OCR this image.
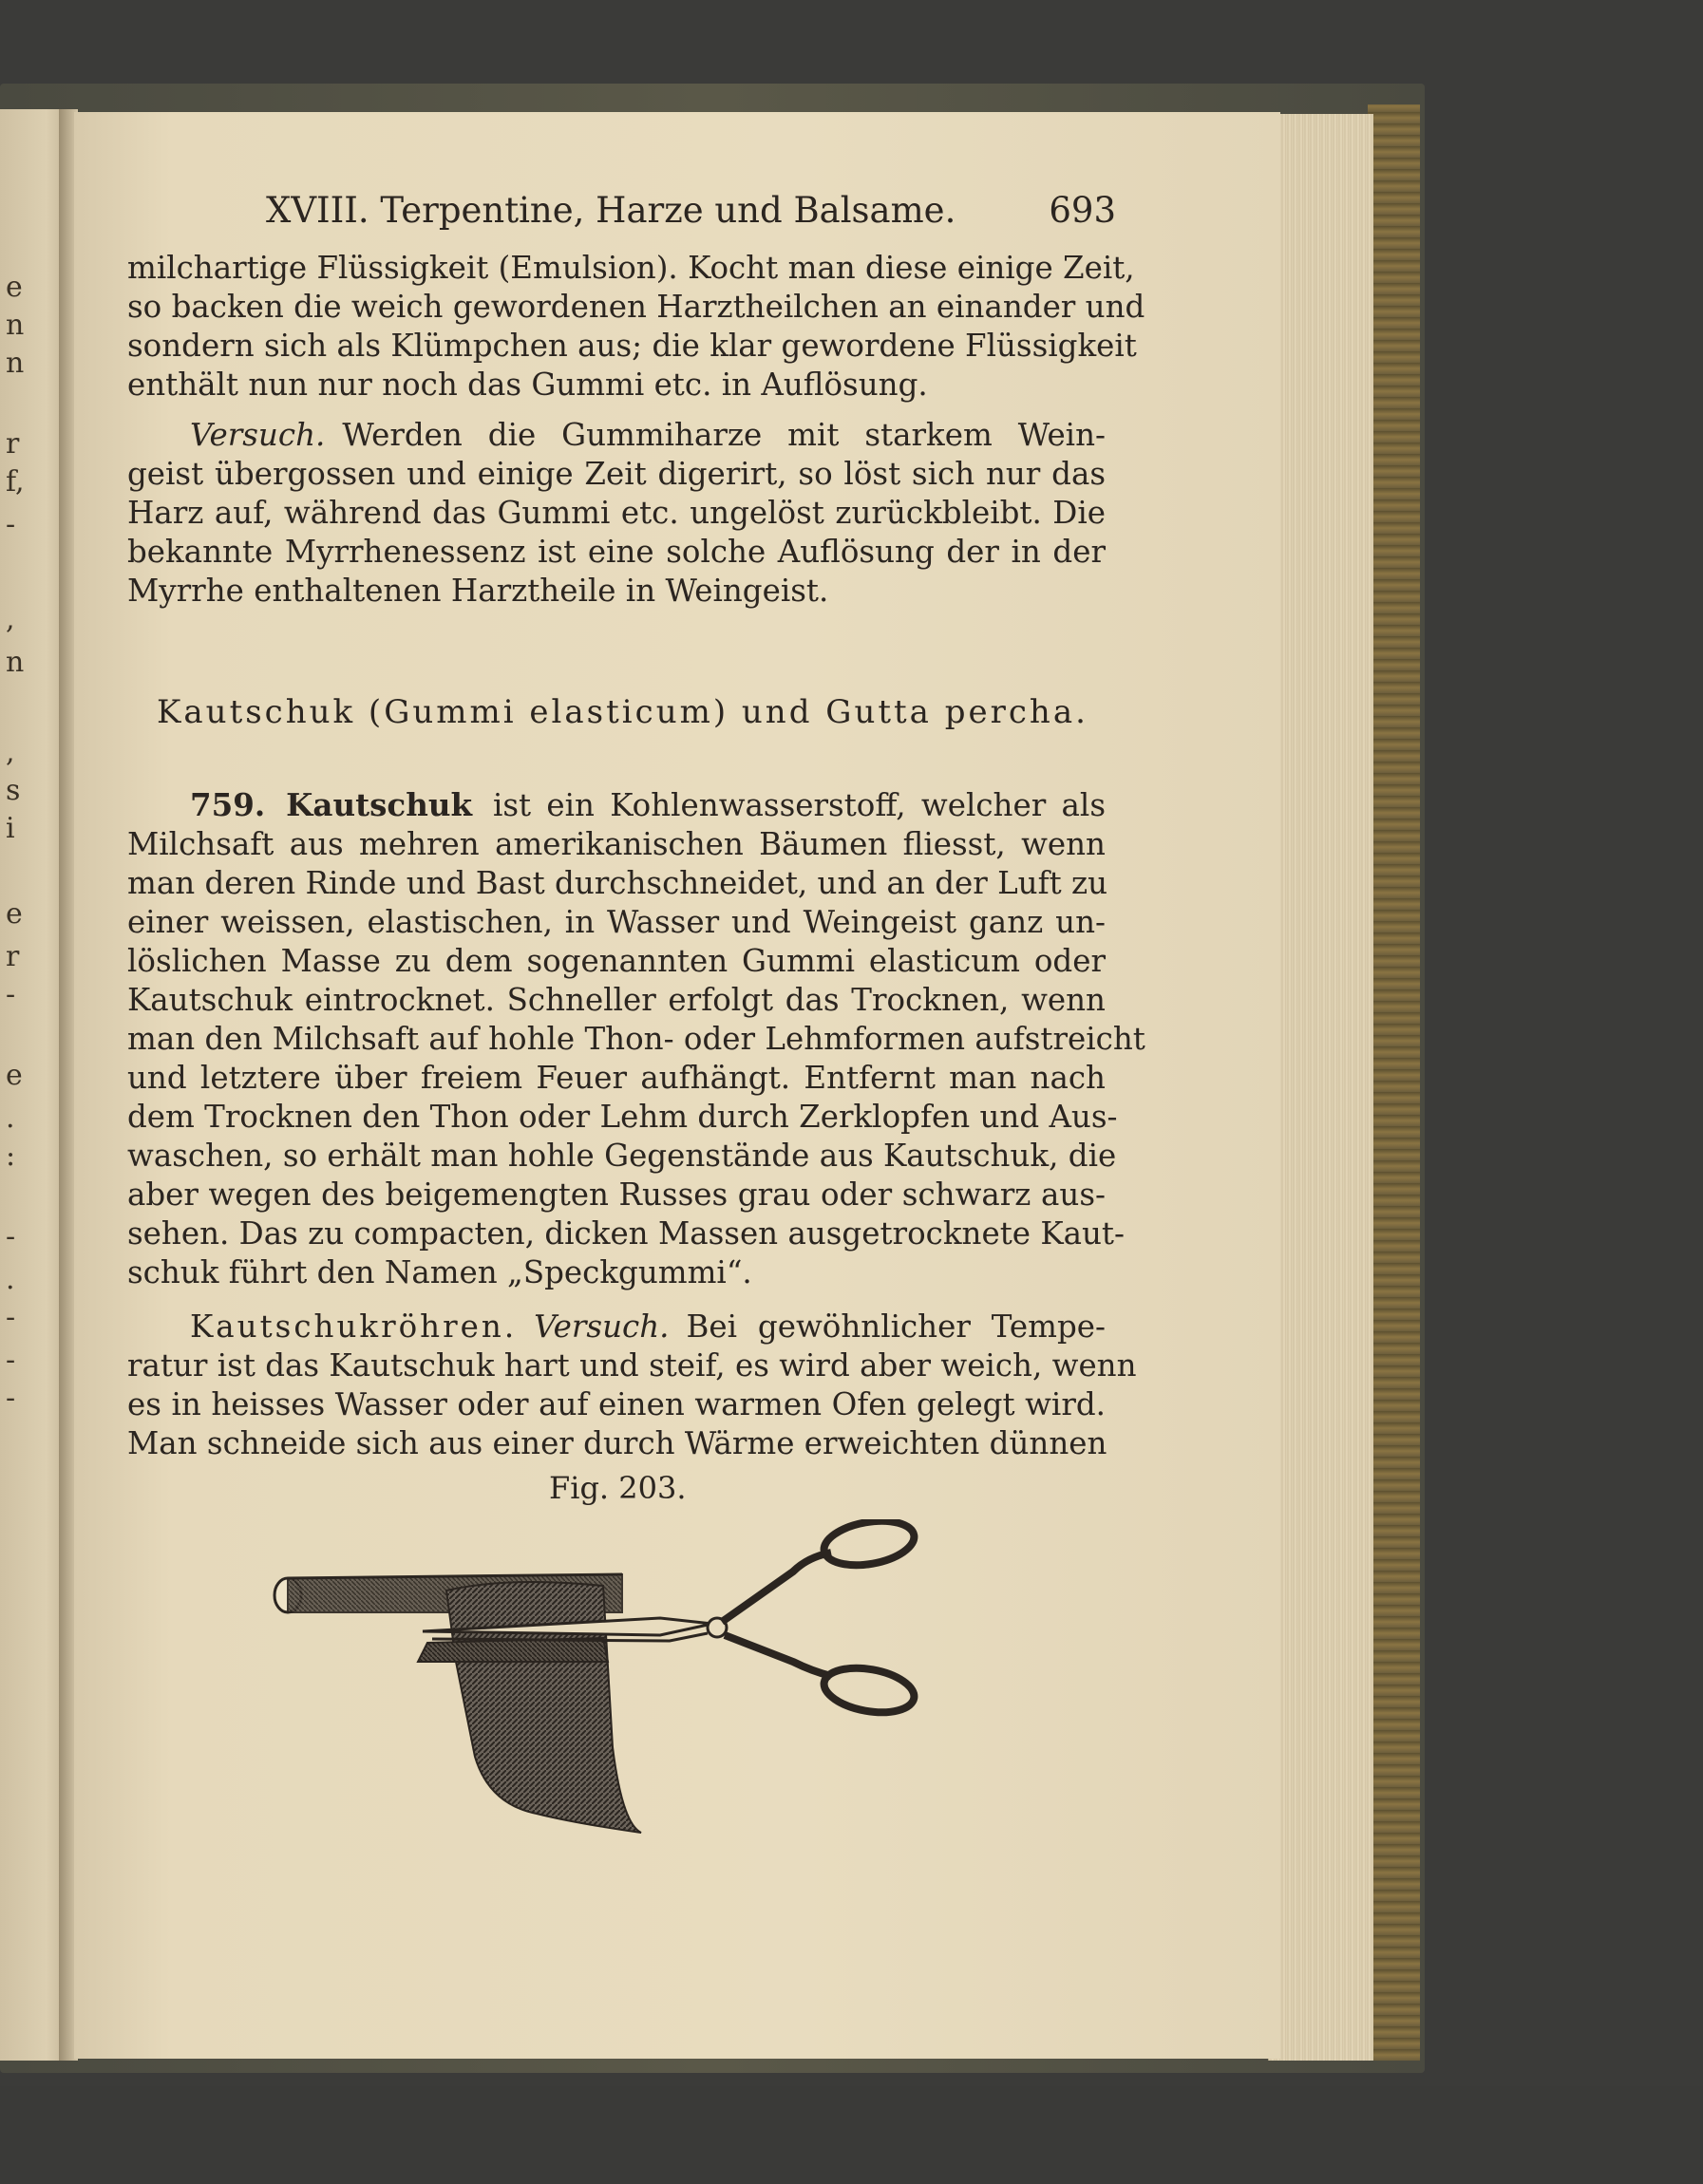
e
n
n
r
f,
-
,
n
,
s
i
e
r
-
e
.
:
-
.
-
-
-
XVIII. Terpentine, Harze und Balsame.	693
milchartige Flüssigkeit (Emulsion). Kocht man diese einige Zeit,
so backen die weich gewordenen Harztheilchen an einander und
sondern sich als Klümpchen aus; die klar gewordene Flüssigkeit
enthält nun nur noch das Gummi etc. in Auflösung.
Versuch. Werden die Gummiharze mit starkem Wein-
geist übergossen und einige Zeit digerirt, so löst sich nur das
Harz auf, während das Gummi etc. ungelöst zurückbleibt. Die
bekannte Myrrhenessenz ist eine solche Auflösung der in der
Myrrhe enthaltenen Harztheile in Weingeist.
Kautschuk (Gummi elasticum) und Gutta percha.
759. Kautschuk ist ein Kohlenwasserstoff, welcher als
Milchsaft aus mehren amerikanischen Bäumen fliesst, wenn
man deren Rinde und Bast durchschneidet, und an der Luft zu
einer weissen, elastischen, in Wasser und Weingeist ganz un-
löslichen Masse zu dem sogenannten Gummi elasticum oder
Kautschuk eintrocknet. Schneller erfolgt das Trocknen, wenn
man den Milchsaft auf hohle Thon- oder Lehmformen aufstreicht
und letztere über freiem Feuer aufhängt. Entfernt man nach
dem Trocknen den Thon oder Lehm durch Zerklopfen und Aus-
waschen, so erhält man hohle Gegenstände aus Kautschuk, die
aber wegen des beigemengten Russes grau oder schwarz aus-
sehen. Das zu compacten, dicken Massen ausgetrocknete Kaut-
schuk führt den Namen „Speckgummi“.
Kautschukröhren. Versuch. Bei gewöhnlicher Tempe-
ratur ist das Kautschuk hart und steif, es wird aber weich, wenn
es in heisses Wasser oder auf einen warmen Ofen gelegt wird.
Man schneide sich aus einer durch Wärme erweichten dünnen
Fig. 203.
